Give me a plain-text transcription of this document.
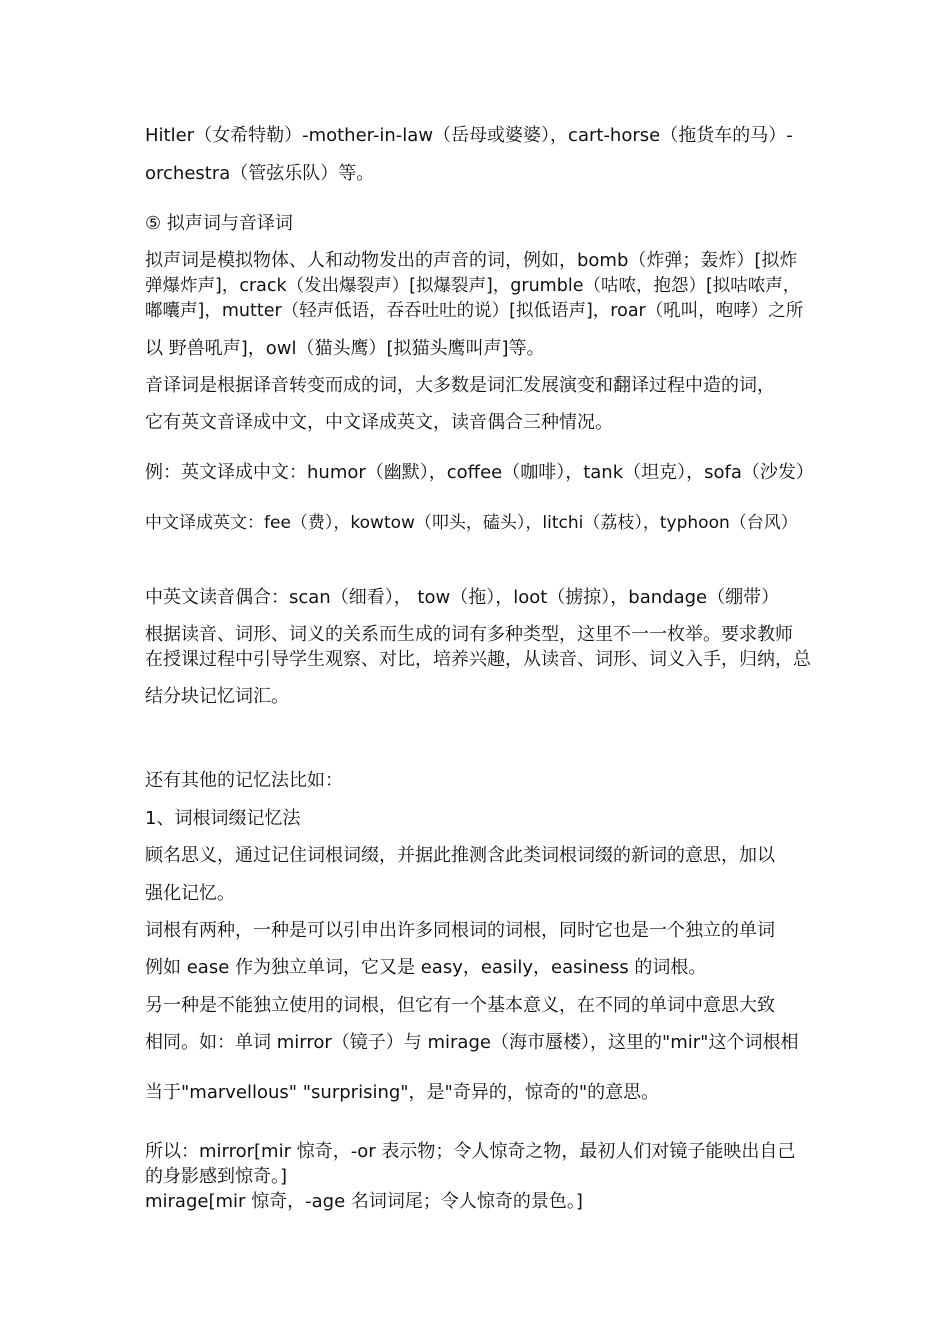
Hitler（女希特勒）-mother-in-law（岳母或婆婆），cart-horse（拖货车的马）-
orchestra（管弦乐队）等。
⑤ 拟声词与音译词
拟声词是模拟物体、人和动物发出的声音的词，例如，bomb（炸弹；轰炸）[拟炸
弹爆炸声]，crack（发出爆裂声）[拟爆裂声]，grumble（咕哝，抱怨）[拟咕哝声，
嘟囔声]，mutter（轻声低语，吞吞吐吐的说）[拟低语声]，roar（吼叫，咆哮）之所
以 野兽吼声]，owl（猫头鹰）[拟猫头鹰叫声]等。
音译词是根据译音转变而成的词，大多数是词汇发展演变和翻译过程中造的词，
它有英文音译成中文，中文译成英文，读音偶合三种情况。
例：英文译成中文：humor（幽默），coffee（咖啡），tank（坦克），sofa（沙发）
中文译成英文：fee（费），kowtow（叩头，磕头），litchi（荔枝），typhoon（台风）
中英文读音偶合：scan（细看）， tow（拖），loot（掳掠），bandage（绷带）
根据读音、词形、词义的关系而生成的词有多种类型，这里不一一枚举。要求教师
在授课过程中引导学生观察、对比，培养兴趣，从读音、词形、词义入手，归纳，总
结分块记忆词汇。
还有其他的记忆法比如：
1、词根词缀记忆法
顾名思义，通过记住词根词缀，并据此推测含此类词根词缀的新词的意思，加以
强化记忆。
词根有两种，一种是可以引申出许多同根词的词根，同时它也是一个独立的单词
例如 ease 作为独立单词，它又是 easy，easily，easiness 的词根。
另一种是不能独立使用的词根，但它有一个基本意义，在不同的单词中意思大致
相同。如：单词 mirror（镜子）与 mirage（海市蜃楼），这里的"mir"这个词根相
当于"marvellous" "surprising"，是"奇异的，惊奇的"的意思。
所以：mirror[mir 惊奇，-or 表示物；令人惊奇之物，最初人们对镜子能映出自己
的身影感到惊奇。]
mirage[mir 惊奇，-age 名词词尾；令人惊奇的景色。]
